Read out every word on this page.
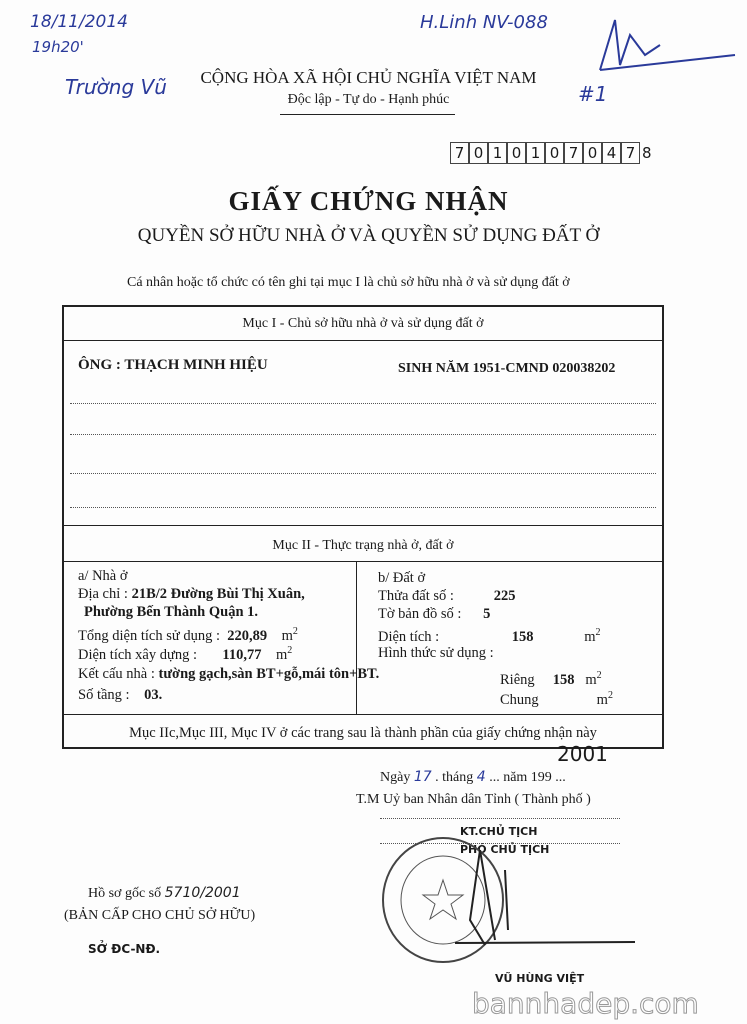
18/11/2014
19h20'
H.Linh NV-088
Trường Vũ	#1
CỘNG HÒA XÃ HỘI CHỦ NGHĨA VIỆT NAM
Độc lập - Tự do - Hạnh phúc
7 0 1 0 1 0 7 0 4 7 8
GIẤY CHỨNG NHẬN
QUYỀN SỞ HỮU NHÀ Ở VÀ QUYỀN SỬ DỤNG ĐẤT Ở
Cá nhân hoặc tổ chức có tên ghi tại mục I là chủ sở hữu nhà ở và sử dụng đất ở
Mục I - Chủ sở hữu nhà ở và sử dụng đất ở
ÔNG : THẠCH MINH HIỆU	SINH NĂM 1951-CMND 020038202
Mục II - Thực trạng nhà ở, đất ở
a/ Nhà ở
Địa chỉ : 21B/2 Đường Bùi Thị Xuân,
Phường Bến Thành Quận 1.
Tổng diện tích sử dụng : 220,89 $m^2$
Diện tích xây dựng : 110,77 $m^2$
Kết cấu nhà : tường gạch,sàn BT+gỗ,mái tôn+BT.
Số tầng : 03.
b/ Đất ở
Thửa đất số :	225
Tờ bản đồ số : 5
Diện tích :	158	$m^2$
Hình thức sử dụng :
Riêng 158 $m^2$
Chung	$m^2$
Mục IIc,Mục III, Mục IV ở các trang sau là thành phần của giấy chứng nhận này
2001
Ngày 17 . tháng 4 ... năm 199 ...
T.M Uỷ ban Nhân dân Tỉnh ( Thành phố )
KT.CHỦ TỊCH
PHÓ CHỦ TỊCH
VŨ HÙNG VIỆT
bannhadep.com
Hồ sơ gốc số 5710/2001
(BẢN CẤP CHO CHỦ SỞ HỮU)
SỞ ĐC-NĐ.
